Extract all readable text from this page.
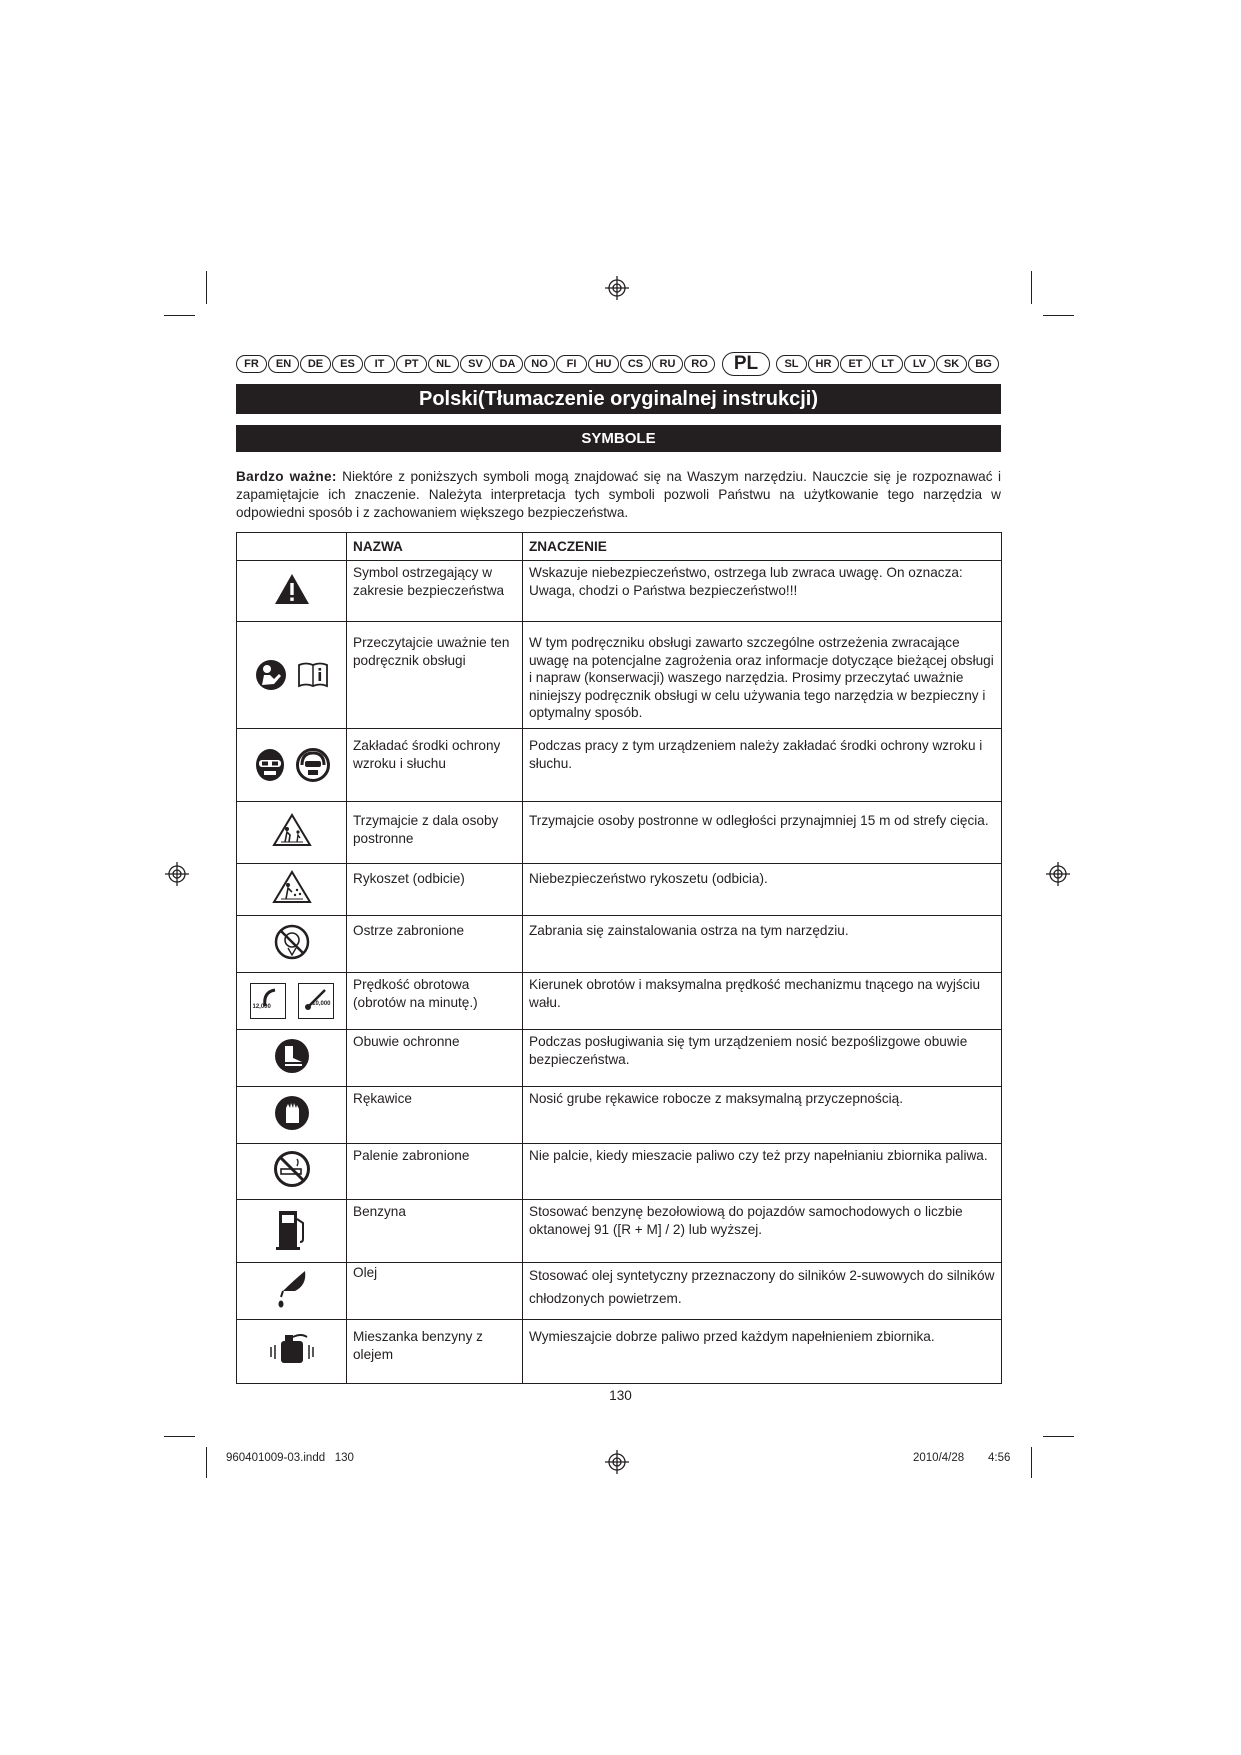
FR	EN	DE	ES	IT	PT	NL	SV	DA	NO	FI	HU	CS	RU	RO	PL	SL	HR	ET	LT	LV	SK	BG
Polski(Tłumaczenie oryginalnej instrukcji)
SYMBOLE
Bardzo ważne: Niektóre z poniższych symboli mogą znajdować się na Waszym narzędziu. Nauczcie się je rozpoznawać i zapamiętajcie ich znaczenie. Należyta interpretacja tych symboli pozwoli Państwu na użytkowanie tego narzędzia w odpowiedni sposób i z zachowaniem większego bezpieczeństwa.
	NAZWA	ZNACZENIE
	Symbol ostrzegający w zakresie bezpieczeństwa	Wskazuje niebezpieczeństwo, ostrzega lub zwraca uwagę. On oznacza: Uwaga, chodzi o Państwa bezpieczeństwo!!!

	Przeczytajcie uważnie ten podręcznik obsługi	W tym podręczniku obsługi zawarto szczególne ostrzeżenia zwracające uwagę na potencjalne zagrożenia oraz informacje dotyczące bieżącej obsługi i napraw (konserwacji) waszego narzędzia. Prosimy przeczytać uważnie niniejszy podręcznik obsługi w celu używania tego narzędzia w bezpieczny i optymalny sposób.

	Zakładać środki ochrony wzroku i słuchu	Podczas pracy z tym urządzeniem należy zakładać środki ochrony wzroku i słuchu.
	Trzymajcie z dala osoby postronne	Trzymajcie osoby postronne w odległości przynajmniej 15 m od strefy cięcia.
	Rykoszet (odbicie)	Niebezpieczeństwo rykoszetu (odbicia).
	Ostrze zabronione	Zabrania się zainstalowania ostrza na tym narzędziu.

12,000 10,000	Prędkość obrotowa (obrotów na minutę.)	Kierunek obrotów i maksymalna prędkość mechanizmu tnącego na wyjściu wału.
	Obuwie ochronne	Podczas posługiwania się tym urządzeniem nosić bezpoślizgowe obuwie bezpieczeństwa.
	Rękawice	Nosić grube rękawice robocze z maksymalną przyczepnością.
	Palenie zabronione	Nie palcie, kiedy mieszacie paliwo czy też przy napełnianiu zbiornika paliwa.
	Benzyna	Stosować benzynę bezołowiową do pojazdów samochodowych o liczbie oktanowej 91 ([R + M] / 2) lub wyższej.
	Olej	Stosować olej syntetyczny przeznaczony do silników 2-suwowych do silników chłodzonych powietrzem.
	Mieszanka benzyny z olejem	Wymieszajcie dobrze paliwo przed każdym napełnieniem zbiornika.
130
960401009-03.indd   130	2010/4/28 4:56
